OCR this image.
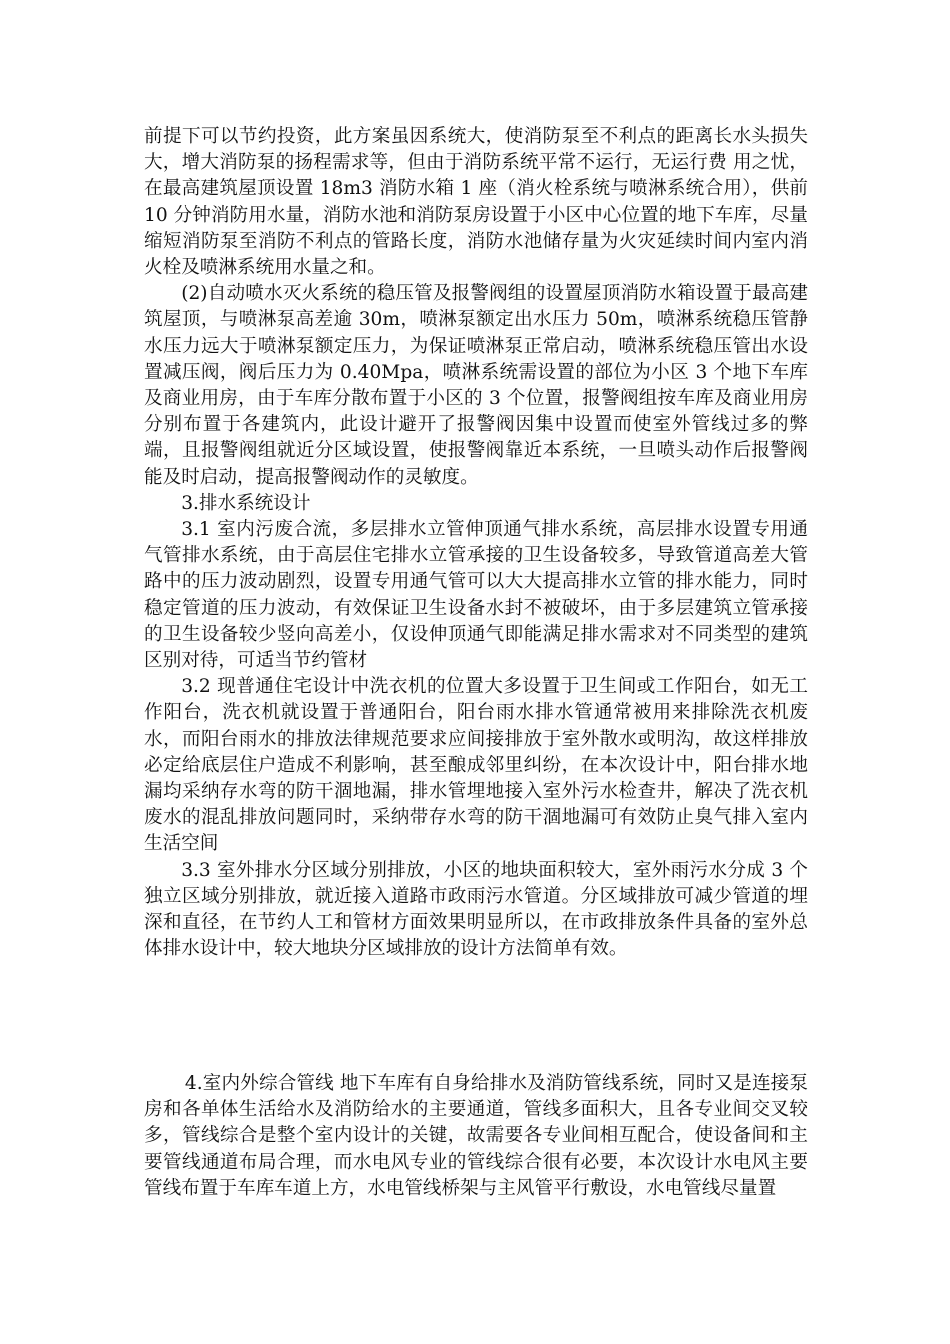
前提下可以节约投资，此方案虽因系统大，使消防泵至不利点的距离长水头损失大，增大消防泵的扬程需求等，但由于消防系统平常不运行，无运行费 用之忧，在最高建筑屋顶设置 18m3 消防水箱 1 座（消火栓系统与喷淋系统合用），供前 10 分钟消防用水量，消防水池和消防泵房设置于小区中心位置的地下车库，尽量缩短消防泵至消防不利点的管路长度，消防水池储存量为火灾延续时间内室内消火栓及喷淋系统用水量之和。

(2)自动喷水灭火系统的稳压管及报警阀组的设置屋顶消防水箱设置于最高建筑屋顶，与喷淋泵高差逾 30m，喷淋泵额定出水压力 50m，喷淋系统稳压管静水压力远大于喷淋泵额定压力，为保证喷淋泵正常启动，喷淋系统稳压管出水设置减压阀，阀后压力为 0.40Mpa，喷淋系统需设置的部位为小区 3 个地下车库及商业用房，由于车库分散布置于小区的 3 个位置，报警阀组按车库及商业用房分别布置于各建筑内，此设计避开了报警阀因集中设置而使室外管线过多的弊端，且报警阀组就近分区域设置，使报警阀靠近本系统，一旦喷头动作后报警阀能及时启动，提高报警阀动作的灵敏度。

3.排水系统设计

3.1 室内污废合流，多层排水立管伸顶通气排水系统，高层排水设置专用通气管排水系统，由于高层住宅排水立管承接的卫生设备较多，导致管道高差大管路中的压力波动剧烈，设置专用通气管可以大大提高排水立管的排水能力，同时稳定管道的压力波动，有效保证卫生设备水封不被破坏，由于多层建筑立管承接的卫生设备较少竖向高差小，仅设伸顶通气即能满足排水需求对不同类型的建筑区别对待，可适当节约管材

3.2 现普通住宅设计中洗衣机的位置大多设置于卫生间或工作阳台，如无工作阳台，洗衣机就设置于普通阳台，阳台雨水排水管通常被用来排除洗衣机废水，而阳台雨水的排放法律规范要求应间接排放于室外散水或明沟，故这样排放必定给底层住户造成不利影响，甚至酿成邻里纠纷，在本次设计中，阳台排水地漏均采纳存水弯的防干涸地漏，排水管埋地接入室外污水检查井，解决了洗衣机废水的混乱排放问题同时，采纳带存水弯的防干涸地漏可有效防止臭气排入室内生活空间

3.3 室外排水分区域分别排放，小区的地块面积较大，室外雨污水分成 3 个独立区域分别排放，就近接入道路市政雨污水管道。分区域排放可减少管道的埋深和直径，在节约人工和管材方面效果明显所以，在市政排放条件具备的室外总体排水设计中，较大地块分区域排放的设计方法简单有效。

4.室内外综合管线 地下车库有自身给排水及消防管线系统，同时又是连接泵房和各单体生活给水及消防给水的主要通道，管线多面积大，且各专业间交叉较多，管线综合是整个室内设计的关键，故需要各专业间相互配合，使设备间和主要管线通道布局合理，而水电风专业的管线综合很有必要，本次设计水电风主要管线布置于车库车道上方，水电管线桥架与主风管平行敷设，水电管线尽量置
